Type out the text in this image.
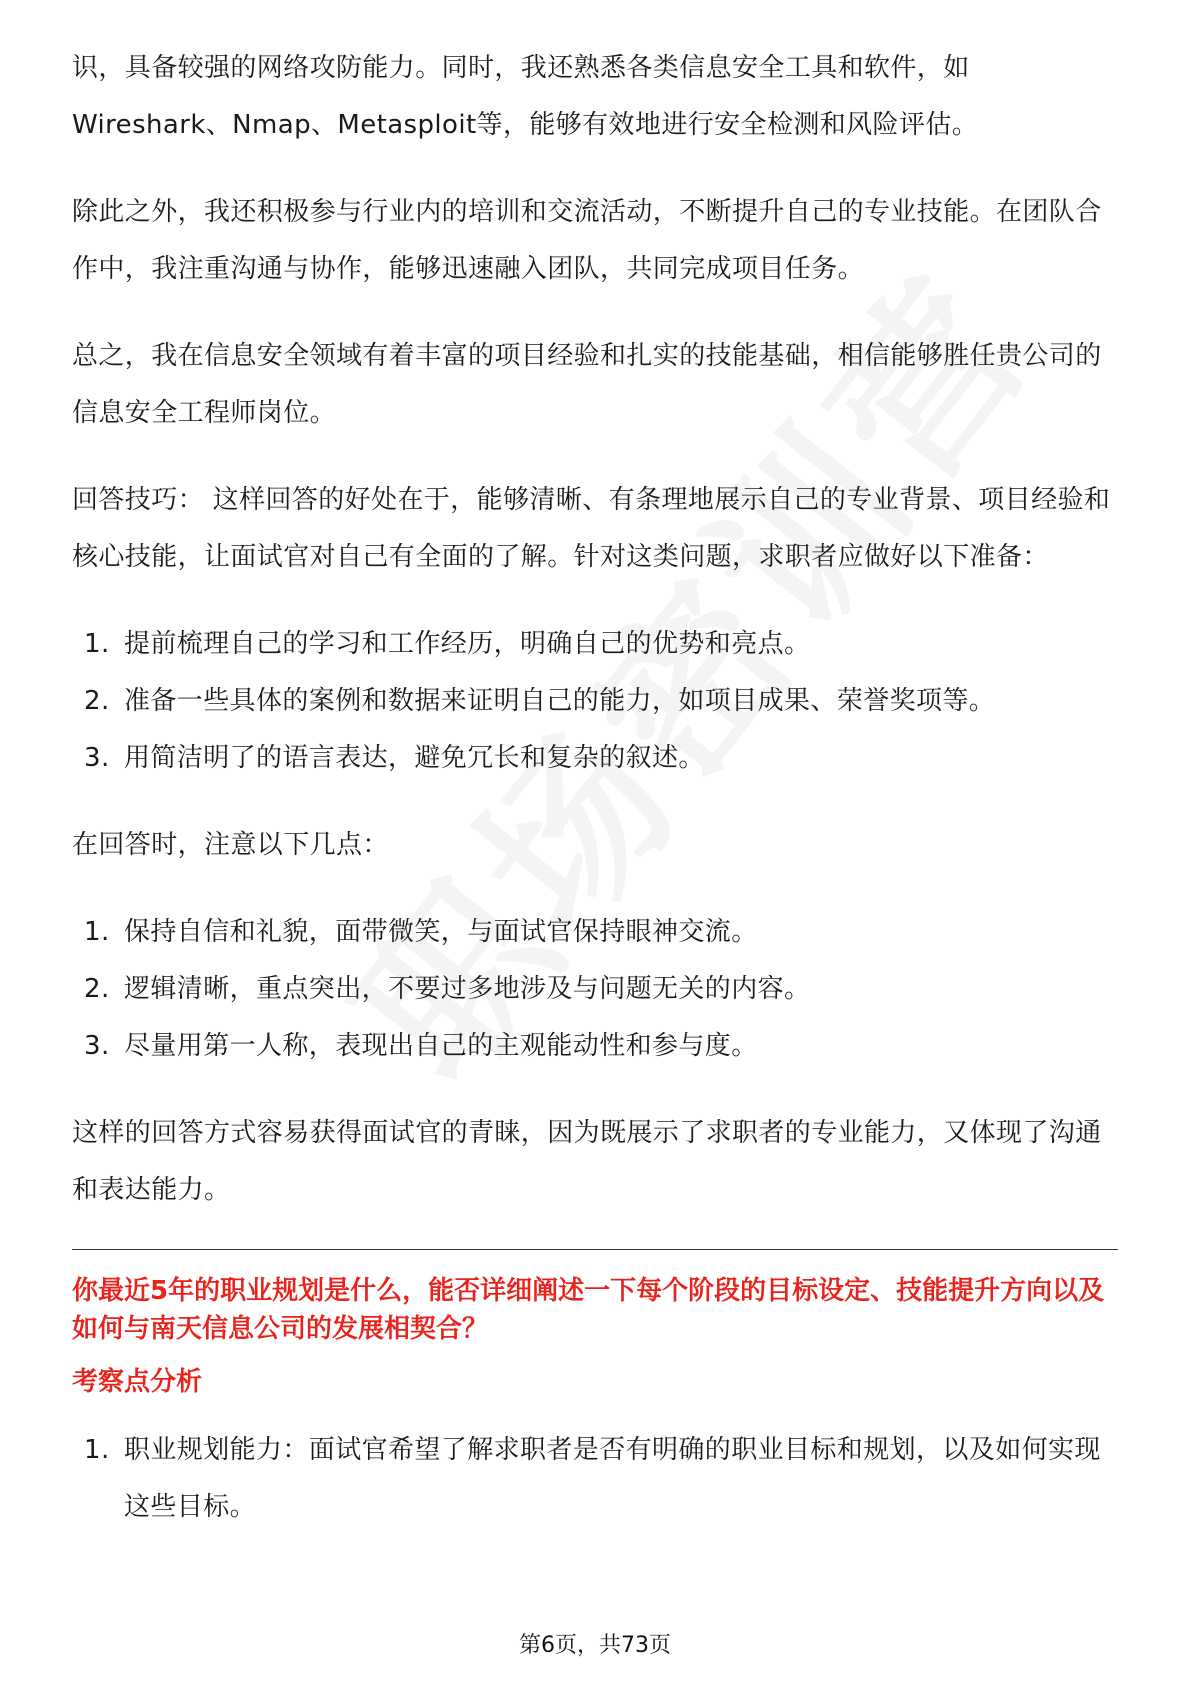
识，具备较强的网络攻防能力。同时，我还熟悉各类信息安全工具和软件，如Wireshark、Nmap、Metasploit等，能够有效地进行安全检测和风险评估。

除此之外，我还积极参与行业内的培训和交流活动，不断提升自己的专业技能。在团队合作中，我注重沟通与协作，能够迅速融入团队，共同完成项目任务。

总之，我在信息安全领域有着丰富的项目经验和扎实的技能基础，相信能够胜任贵公司的信息安全工程师岗位。

回答技巧： 这样回答的好处在于，能够清晰、有条理地展示自己的专业背景、项目经验和核心技能，让面试官对自己有全面的了解。针对这类问题，求职者应做好以下准备：

1. 提前梳理自己的学习和工作经历，明确自己的优势和亮点。
2. 准备一些具体的案例和数据来证明自己的能力，如项目成果、荣誉奖项等。
3. 用简洁明了的语言表达，避免冗长和复杂的叙述。

在回答时，注意以下几点：

1. 保持自信和礼貌，面带微笑，与面试官保持眼神交流。
2. 逻辑清晰，重点突出，不要过多地涉及与问题无关的内容。
3. 尽量用第一人称，表现出自己的主观能动性和参与度。

这样的回答方式容易获得面试官的青睐，因为既展示了求职者的专业能力，又体现了沟通和表达能力。

你最近5年的职业规划是什么，能否详细阐述一下每个阶段的目标设定、技能提升方向以及如何与南天信息公司的发展相契合？

考察点分析

1. 职业规划能力：面试官希望了解求职者是否有明确的职业目标和规划，以及如何实现这些目标。
第6页，共73页
